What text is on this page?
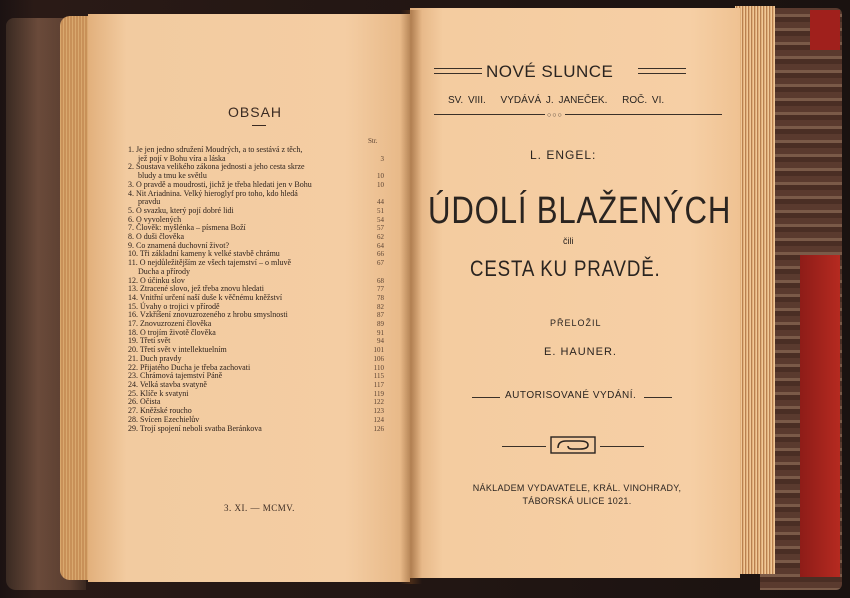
OBSAH
Str.
1. Je jen jedno sdružení Moudrých, a to sestává z těch,
jež pojí v Bohu víra a láska	3
2. Soustava velikého zákona jednosti a jeho cesta skrze
bludy a tmu ke světlu	10
3. O pravdě a moudrosti, jichž je třeba hledati jen v Bohu	10
4. Nit Ariadnina. Velký hieroglyf pro toho, kdo hledá
pravdu	44
5. O svazku, který pojí dobré lidi	51
6. O vyvolených	54
7. Člověk: myšlénka – písmena Boží	57
8. O duši člověka	62
9. Co znamená duchovní život?	64
10. Tři základní kameny k velké stavbě chrámu	66
11. O nejdůležitějším ze všech tajemství – o mluvě	67
Ducha a přírody
12. O účinku slov	68
13. Ztracené slovo, jež třeba znovu hledati	77
14. Vnitřní určení naší duše k věčnému kněžství	78
15. Úvahy o trojici v přírodě	82
16. Vzkříšení znovuzrozeného z hrobu smyslnosti	87
17. Znovuzrození člověka	89
18. O trojím životě člověka	91
19. Třetí svět	94
20. Třetí svět v intellektuelním	101
21. Duch pravdy	106
22. Přijatého Ducha je třeba zachovati	110
23. Chrámová tajemství Páně	115
24. Velká stavba svatyně	117
25. Klíče k svatyni	119
26. Očista	122
27. Kněžské roucho	123
28. Svícen Ezechielův	124
29. Trojí spojení neboli svatba Beránkova	126
3. XI. — MCMV.
NOVÉ SLUNCE
SV. VIII. VYDÁVÁ J. JANEČEK. ROČ. VI.
○○○
L. ENGEL:
ÚDOLÍ BLAŽENÝCH
čili
CESTA KU PRAVDĚ.
PŘELOŽIL
E. HAUNER.
AUTORISOVANÉ VYDÁNÍ.
NÁKLADEM VYDAVATELE, KRÁL. VINOHRADY,
TÁBORSKÁ ULICE 1021.
